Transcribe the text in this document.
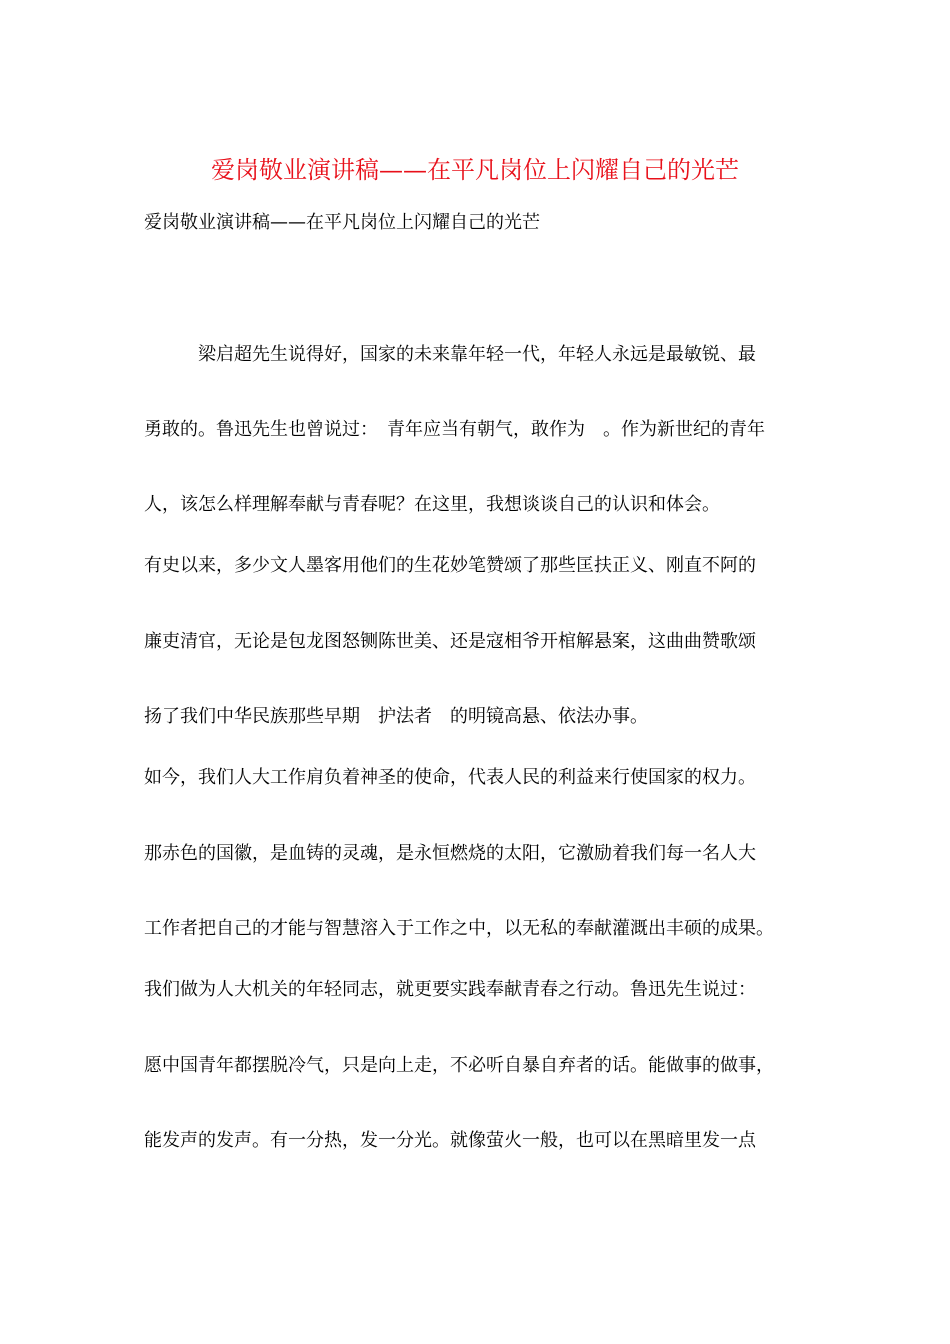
爱岗敬业演讲稿——在平凡岗位上闪耀自己的光芒
爱岗敬业演讲稿——在平凡岗位上闪耀自己的光芒
　　　梁启超先生说得好，国家的未来靠年轻一代，年轻人永远是最敏锐、最
勇敢的。鲁迅先生也曾说过：　青年应当有朝气，敢作为　。作为新世纪的青年
人，该怎么样理解奉献与青春呢？在这里，我想谈谈自己的认识和体会。
有史以来，多少文人墨客用他们的生花妙笔赞颂了那些匡扶正义、刚直不阿的
廉吏清官，无论是包龙图怒铡陈世美、还是寇相爷开棺解悬案，这曲曲赞歌颂
扬了我们中华民族那些早期　护法者　的明镜高悬、依法办事。
如今，我们人大工作肩负着神圣的使命，代表人民的利益来行使国家的权力。
那赤色的国徽，是血铸的灵魂，是永恒燃烧的太阳，它激励着我们每一名人大
工作者把自己的才能与智慧溶入于工作之中，以无私的奉献灌溉出丰硕的成果。
我们做为人大机关的年轻同志，就更要实践奉献青春之行动。鲁迅先生说过：
愿中国青年都摆脱冷气，只是向上走，不必听自暴自弃者的话。能做事的做事，
能发声的发声。有一分热，发一分光。就像萤火一般，也可以在黑暗里发一点
